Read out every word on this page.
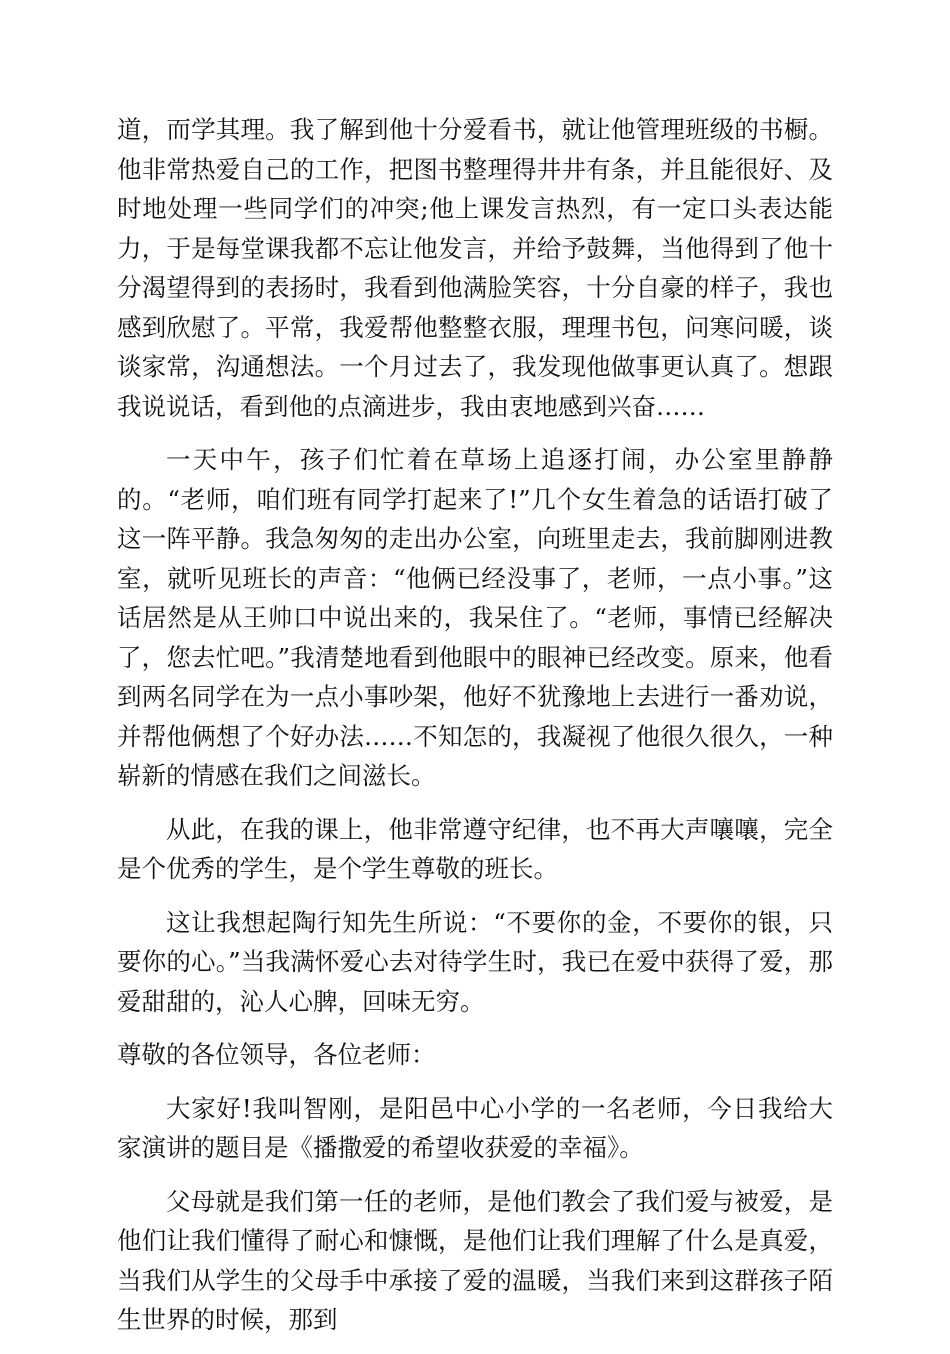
道，而学其理。我了解到他十分爱看书，就让他管理班级的书橱。他非常热爱自己的工作，把图书整理得井井有条，并且能很好、及时地处理一些同学们的冲突;他上课发言热烈，有一定口头表达能力，于是每堂课我都不忘让他发言，并给予鼓舞，当他得到了他十分渴望得到的表扬时，我看到他满脸笑容，十分自豪的样子，我也感到欣慰了。平常，我爱帮他整整衣服，理理书包，问寒问暖，谈谈家常，沟通想法。一个月过去了，我发现他做事更认真了。想跟我说说话，看到他的点滴进步，我由衷地感到兴奋……

一天中午，孩子们忙着在草场上追逐打闹，办公室里静静的。“老师，咱们班有同学打起来了!”几个女生着急的话语打破了这一阵平静。我急匆匆的走出办公室，向班里走去，我前脚刚进教室，就听见班长的声音：“他俩已经没事了，老师，一点小事。”这话居然是从王帅口中说出来的，我呆住了。“老师，事情已经解决了，您去忙吧。”我清楚地看到他眼中的眼神已经改变。原来，他看到两名同学在为一点小事吵架，他好不犹豫地上去进行一番劝说，并帮他俩想了个好办法……不知怎的，我凝视了他很久很久，一种崭新的情感在我们之间滋长。

从此，在我的课上，他非常遵守纪律，也不再大声嚷嚷，完全是个优秀的学生，是个学生尊敬的班长。

这让我想起陶行知先生所说：“不要你的金，不要你的银，只要你的心。”当我满怀爱心去对待学生时，我已在爱中获得了爱，那爱甜甜的，沁人心脾，回味无穷。

尊敬的各位领导，各位老师：

大家好!我叫智刚，是阳邑中心小学的一名老师，今日我给大家演讲的题目是《播撒爱的希望收获爱的幸福》。

父母就是我们第一任的老师，是他们教会了我们爱与被爱，是他们让我们懂得了耐心和慷慨，是他们让我们理解了什么是真爱，当我们从学生的父母手中承接了爱的温暖，当我们来到这群孩子陌生世界的时候，那到
